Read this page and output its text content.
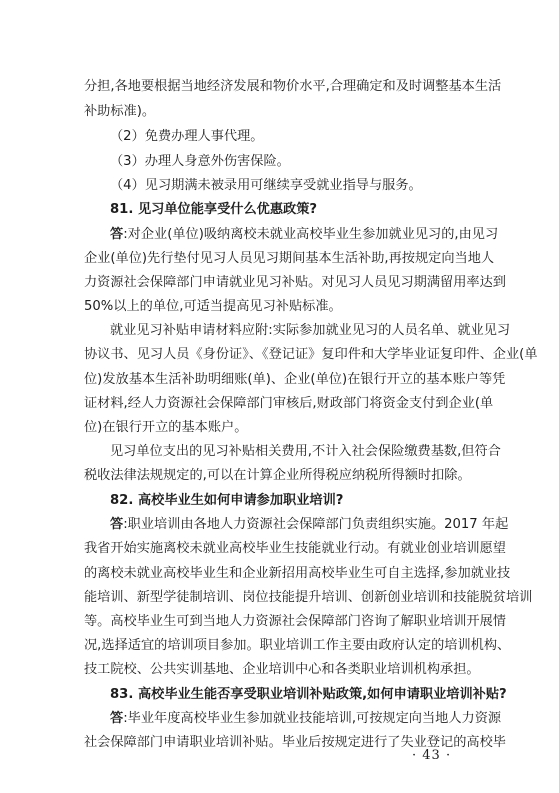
分担,各地要根据当地经济发展和物价水平,合理确定和及时调整基本生活
补助标准)。
（2）免费办理人事代理。
（3）办理人身意外伤害保险。
（4）见习期满未被录用可继续享受就业指导与服务。
81. 见习单位能享受什么优惠政策?
答:对企业(单位)吸纳离校未就业高校毕业生参加就业见习的,由见习
企业(单位)先行垫付见习人员见习期间基本生活补助,再按规定向当地人
力资源社会保障部门申请就业见习补贴。对见习人员见习期满留用率达到
50%以上的单位,可适当提高见习补贴标准。
就业见习补贴申请材料应附:实际参加就业见习的人员名单、就业见习
协议书、见习人员《身份证》、《登记证》复印件和大学毕业证复印件、企业(单
位)发放基本生活补助明细账(单)、企业(单位)在银行开立的基本账户等凭
证材料,经人力资源社会保障部门审核后,财政部门将资金支付到企业(单
位)在银行开立的基本账户。
见习单位支出的见习补贴相关费用,不计入社会保险缴费基数,但符合
税收法律法规规定的,可以在计算企业所得税应纳税所得额时扣除。
82. 高校毕业生如何申请参加职业培训?
答:职业培训由各地人力资源社会保障部门负责组织实施。2017 年起
我省开始实施离校未就业高校毕业生技能就业行动。有就业创业培训愿望
的离校未就业高校毕业生和企业新招用高校毕业生可自主选择,参加就业技
能培训、新型学徒制培训、岗位技能提升培训、创新创业培训和技能脱贫培训
等。高校毕业生可到当地人力资源社会保障部门咨询了解职业培训开展情
况,选择适宜的培训项目参加。职业培训工作主要由政府认定的培训机构、
技工院校、公共实训基地、企业培训中心和各类职业培训机构承担。
83. 高校毕业生能否享受职业培训补贴政策,如何申请职业培训补贴?
答:毕业年度高校毕业生参加就业技能培训,可按规定向当地人力资源
社会保障部门申请职业培训补贴。毕业后按规定进行了失业登记的高校毕
· 43 ·
